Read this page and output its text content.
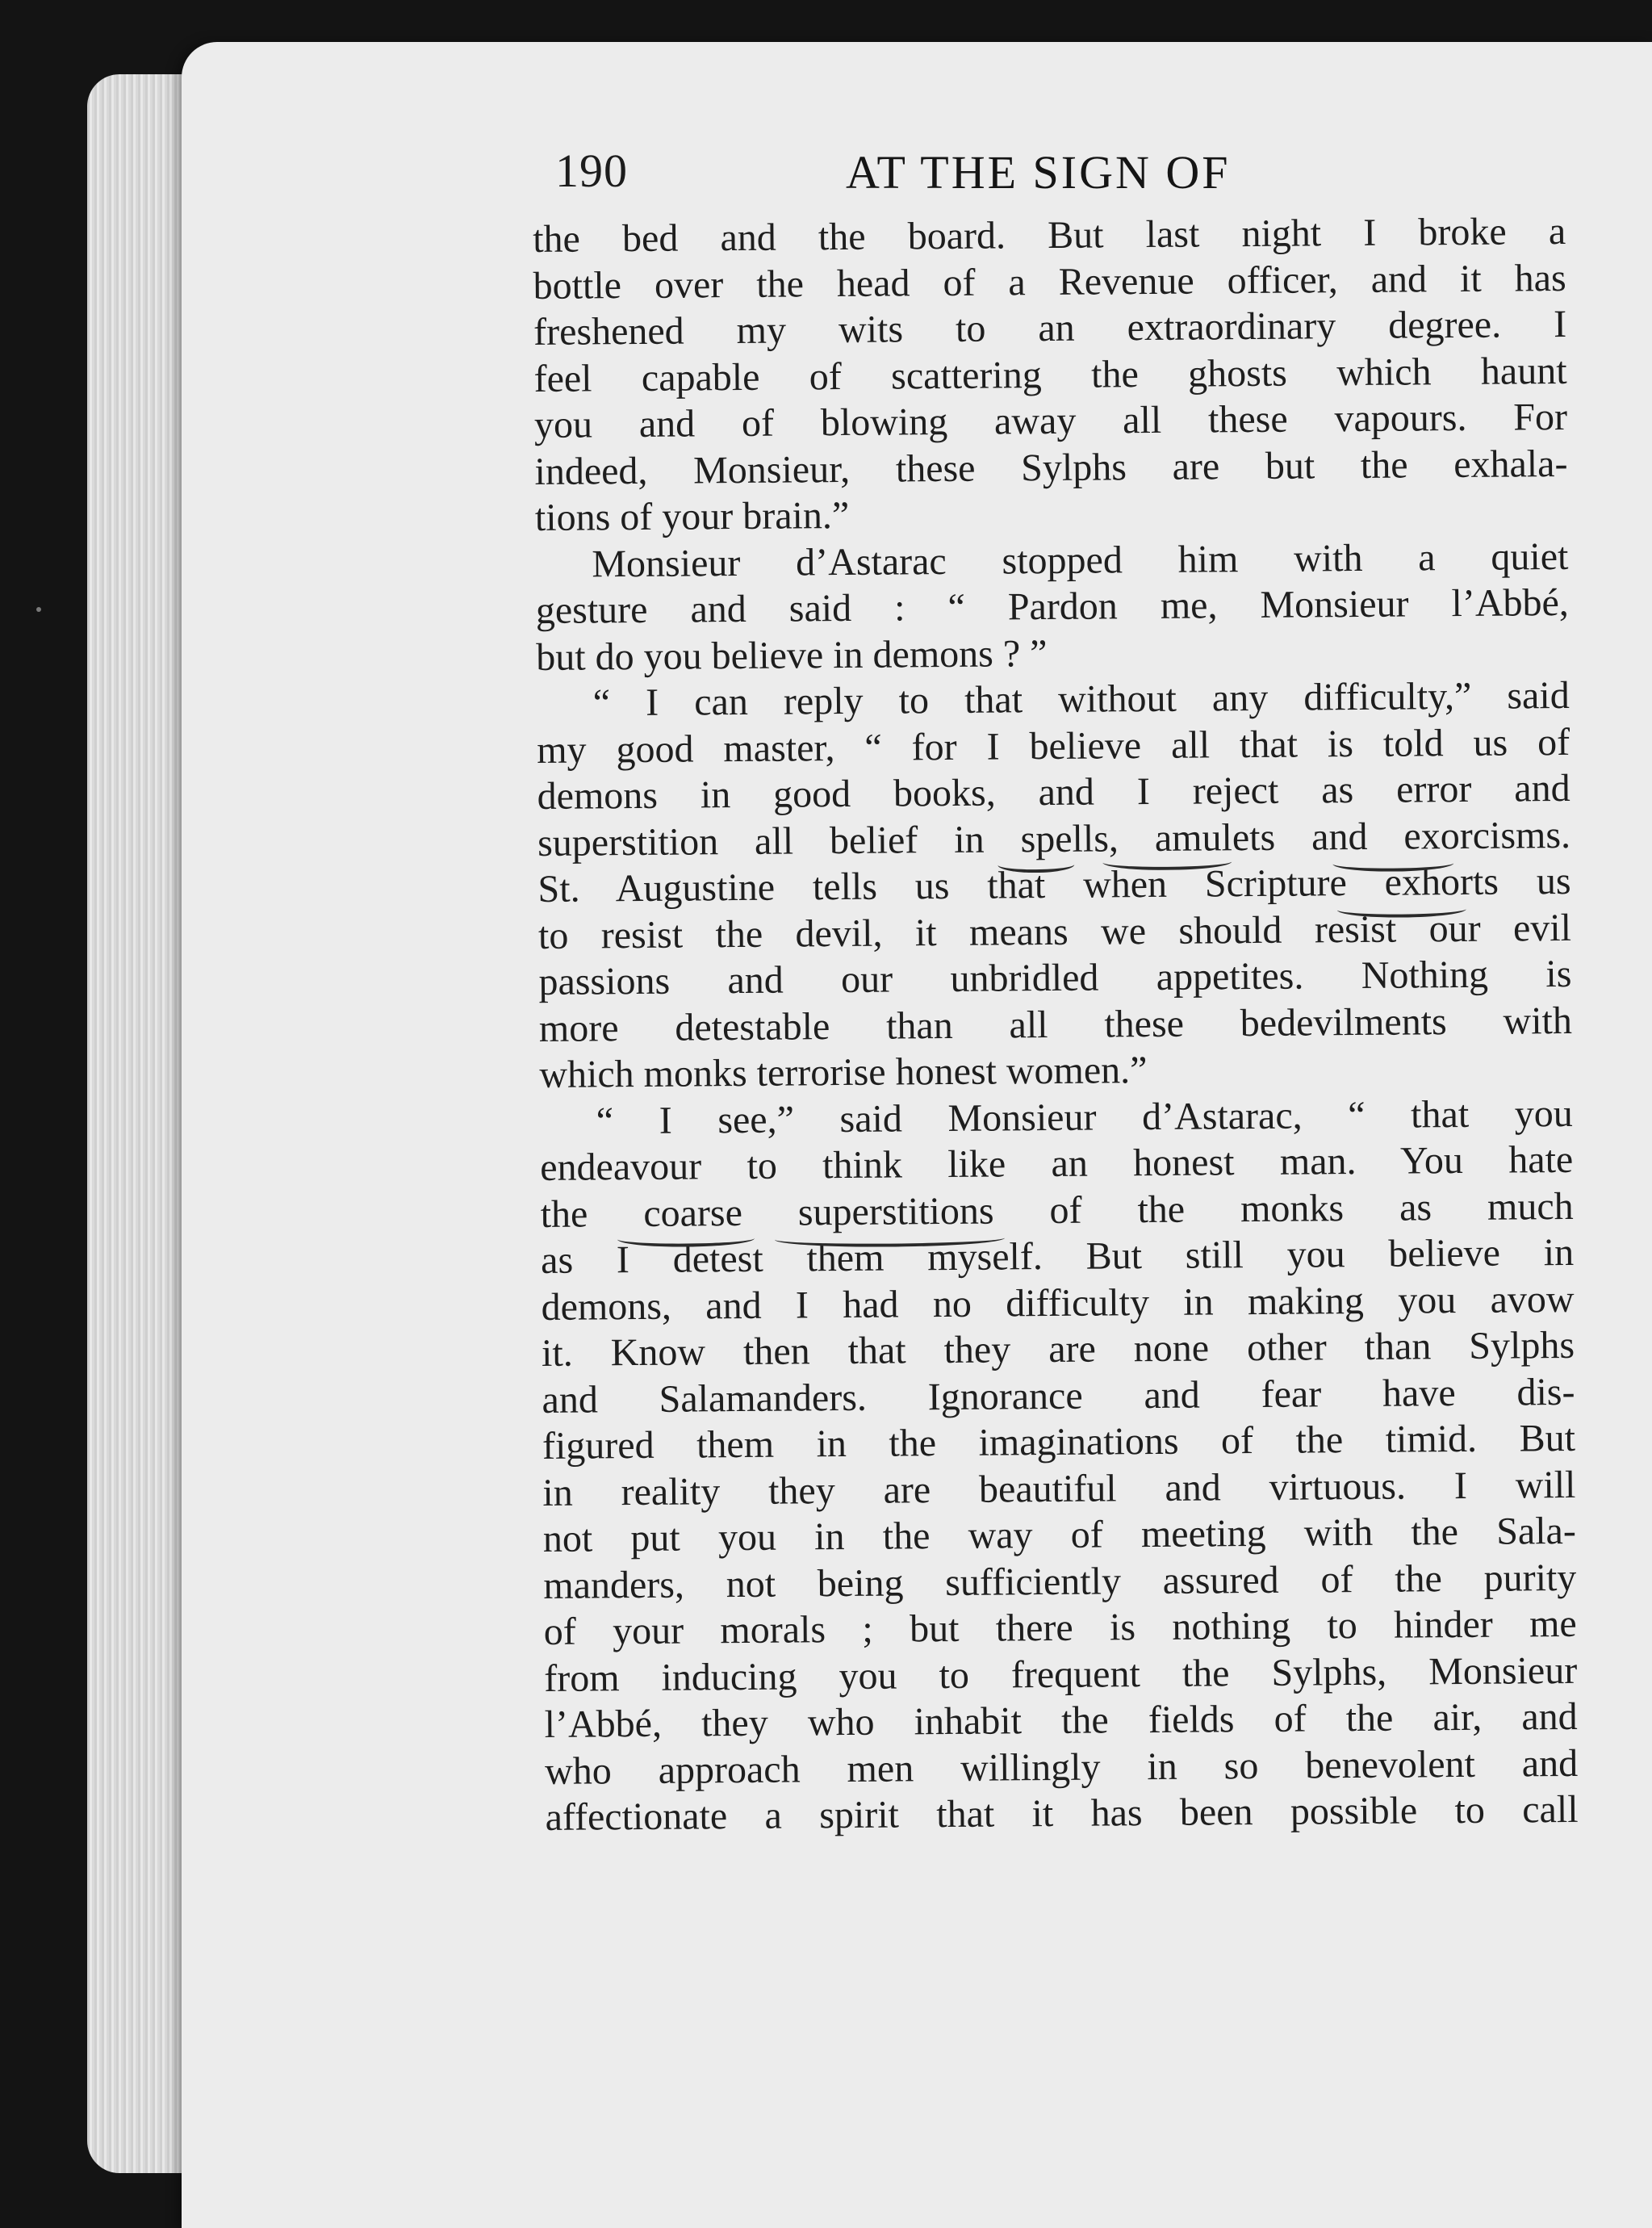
190	AT THE SIGN OF
the bed and the board. But last night I broke a
bottle over the head of a Revenue officer, and it has
freshened my wits to an extraordinary degree. I
feel capable of scattering the ghosts which haunt
you and of blowing away all these vapours. For
indeed, Monsieur, these Sylphs are but the exhala-
tions of your brain.”
Monsieur d’Astarac stopped him with a quiet
gesture and said : “ Pardon me, Monsieur l’Abbé,
but do you believe in demons ? ”
“ I can reply to that without any difficulty,” said
my good master, “ for I believe all that is told us of
demons in good books, and I reject as error and
superstition all belief in spells, amulets and exorcisms.
St. Augustine tells us that when Scripture exhorts us
to resist the devil, it means we should resist our evil
passions and our unbridled appetites. Nothing is
more detestable than all these bedevilments with
which monks terrorise honest women.”
“ I see,” said Monsieur d’Astarac, “ that you
endeavour to think like an honest man. You hate
the coarse superstitions of the monks as much
as I detest them myself. But still you believe in
demons, and I had no difficulty in making you avow
it. Know then that they are none other than Sylphs
and Salamanders. Ignorance and fear have dis-
figured them in the imaginations of the timid. But
in reality they are beautiful and virtuous. I will
not put you in the way of meeting with the Sala-
manders, not being sufficiently assured of the purity
of your morals ; but there is nothing to hinder me
from inducing you to frequent the Sylphs, Monsieur
l’Abbé, they who inhabit the fields of the air, and
who approach men willingly in so benevolent and
affectionate a spirit that it has been possible to call
